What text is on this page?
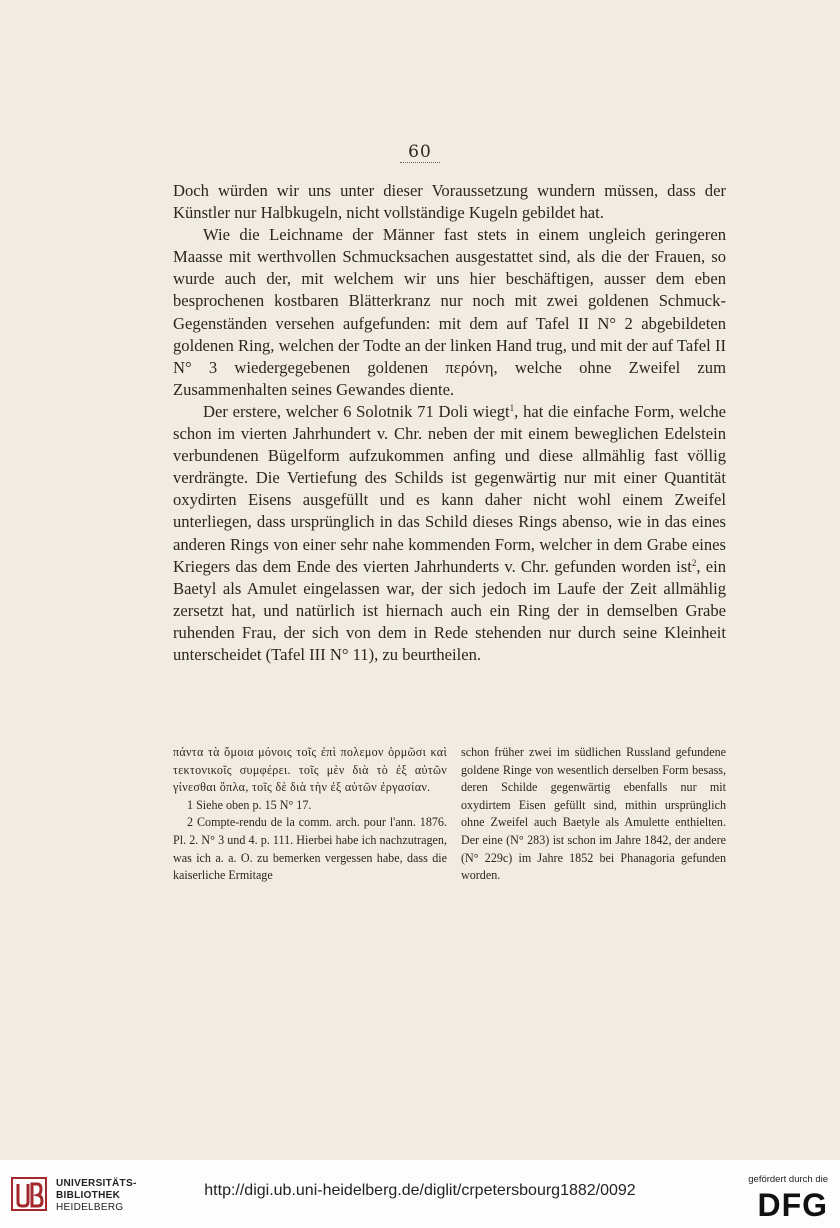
60

Doch würden wir uns unter dieser Voraussetzung wundern müssen, dass der Künstler nur Halbkugeln, nicht vollständige Kugeln gebildet hat.

Wie die Leichname der Männer fast stets in einem ungleich geringeren Maasse mit werthvollen Schmucksachen ausgestattet sind, als die der Frauen, so wurde auch der, mit welchem wir uns hier beschäftigen, ausser dem eben besprochenen kostbaren Blätterkranz nur noch mit zwei goldenen Schmuck-Gegenständen versehen aufgefunden: mit dem auf Tafel II N° 2 abgebildeten goldenen Ring, welchen der Todte an der linken Hand trug, und mit der auf Tafel II N° 3 wiedergegebenen goldenen περόνη, welche ohne Zweifel zum Zusammenhalten seines Gewandes diente.

Der erstere, welcher 6 Solotnik 71 Doli wiegt$^1$, hat die einfache Form, welche schon im vierten Jahrhundert v. Chr. neben der mit einem beweglichen Edelstein verbundenen Bügelform aufzukommen anfing und diese allmählig fast völlig verdrängte. Die Vertiefung des Schilds ist gegenwärtig nur mit einer Quantität oxydirten Eisens ausgefüllt und es kann daher nicht wohl einem Zweifel unterliegen, dass ursprünglich in das Schild dieses Rings abenso, wie in das eines anderen Rings von einer sehr nahe kommenden Form, welcher in dem Grabe eines Kriegers das dem Ende des vierten Jahrhunderts v. Chr. gefunden worden ist$^2$, ein Baetyl als Amulet eingelassen war, der sich jedoch im Laufe der Zeit allmählig zersetzt hat, und natürlich ist hiernach auch ein Ring der in demselben Grabe ruhenden Frau, der sich von dem in Rede stehenden nur durch seine Kleinheit unterscheidet (Tafel III N° 11), zu beurtheilen.

πάντα τὰ ὅμοια μόνοις τοῖς ἐπὶ πολεμον ὁρμῶσι καὶ τεκτονικοῖς συμφέρει. τοῖς μὲν διὰ τὸ ἐξ αὐτῶν γίνεσθαι ὅπλα, τοῖς δὲ διὰ τὴν ἐξ αὐτῶν ἐργασίαν.

1 Siehe oben p. 15 N° 17.

2 Compte-rendu de la comm. arch. pour l'ann. 1876. Pl. 2. N° 3 und 4. p. 111. Hierbei habe ich nachzutragen, was ich a. a. O. zu bemerken vergessen habe, dass die kaiserliche Ermitage

schon früher zwei im südlichen Russland gefundene goldene Ringe von wesentlich derselben Form besass, deren Schilde gegenwärtig ebenfalls nur mit oxydirtem Eisen gefüllt sind, mithin ursprünglich ohne Zweifel auch Baetyle als Amulette enthielten. Der eine (N° 283) ist schon im Jahre 1842, der andere (N° 229c) im Jahre 1852 bei Phanagoria gefunden worden.

UNIVERSITÄTS-
BIBLIOTHEK
HEIDELBERG
http://digi.ub.uni-heidelberg.de/diglit/crpetersbourg1882/0092
gefördert durch die
DFG
